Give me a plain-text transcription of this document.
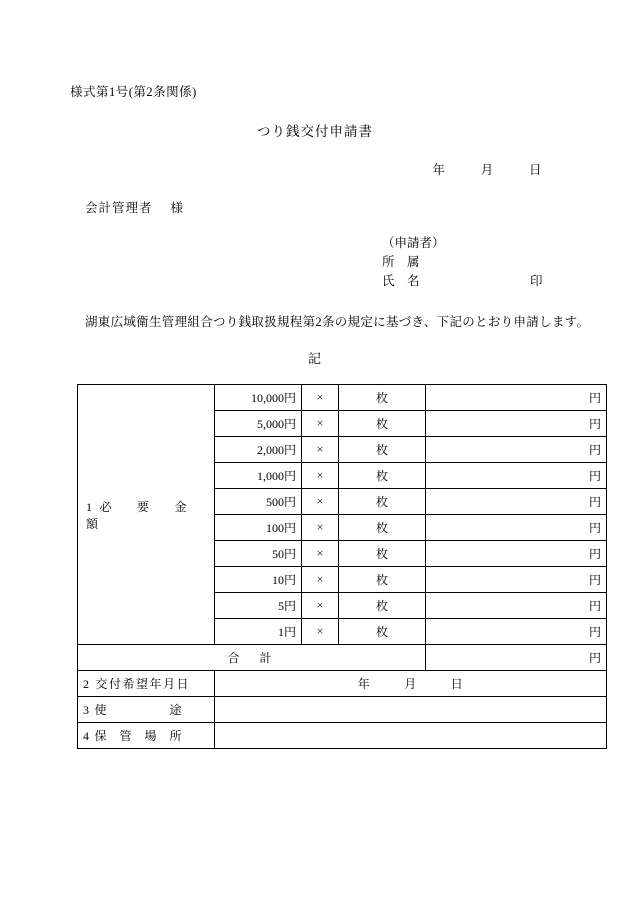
様式第1号(第2条関係)
つり銭交付申請書
年	月	日
会計管理者 様
（申請者）
所　属
氏　名	印
湖東広域衛生管理組合つり銭取扱規程第2条の規定に基づき、下記のとおり申請します。
記
1 必　　要　　金　　額	10,000円	×	枚	円
	5,000円	×	枚	円
	2,000円	×	枚	円
	1,000円	×	枚	円
	500円	×	枚	円
	100円	×	枚	円
	50円	×	枚	円
	10円	×	枚	円
	5円	×	枚	円
	1円	×	枚	円
合　計				円
2 交付希望年月日	年 月 日			
3 使　　　　　途				
4 保　管　場　所				
